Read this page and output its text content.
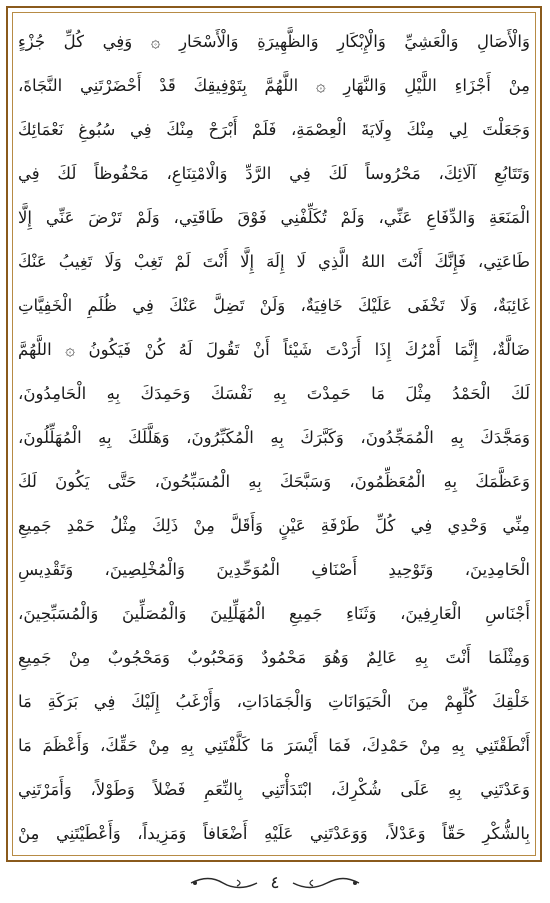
وَالْأَصَالِ وَالْعَشِيِّ وَالْإِبْكَارِ وَالظَّهِيرَةِ وَالْأَسْحَارِ ۞ وَفِي كُلِّ جُزْءٍ
مِنْ أَجْزَاءِ اللَّيْلِ وَالنَّهَارِ ۞ اللَّهُمَّ بِتَوْفِيقِكَ قَدْ أَحْضَرْتَنِي النَّجَاةَ،
وَجَعَلْتَ لِي مِنْكَ وِلَايَةَ الْعِصْمَةِ، فَلَمْ أَبْرَحْ مِنْكَ فِي سُبُوغِ نَعْمَائِكَ
وَتَتَابُعِ آلَائِكَ، مَحْرُوساً لَكَ فِي الرَّدِّ وَالْامْتِنَاعِ، مَحْفُوظاً لَكَ فِي
الْمَنَعَةِ وَالدِّفَاعِ عَنِّي، وَلَمْ تُكَلِّفْنِي فَوْقَ طَاقَتِي، وَلَمْ تَرْضَ عَنِّي إِلَّا
طَاعَتِي، فَإِنَّكَ أَنْتَ اللهُ الَّذِي لَا إِلَهَ إِلَّا أَنْتَ لَمْ تَغِبْ وَلَا تَغِيبُ عَنْكَ
غَائِبَةٌ، وَلَا تَخْفَى عَلَيْكَ خَافِيَةٌ، وَلَنْ تَضِلَّ عَنْكَ فِي ظُلَمِ الْخَفِيَّاتِ
ضَالَّةٌ، إِنَّمَا أَمْرُكَ إِذَا أَرَدْتَ شَيْئاً أَنْ تَقُولَ لَهُ كُنْ فَيَكُونُ ۞ اللَّهُمَّ
لَكَ الْحَمْدُ مِثْلَ مَا حَمِدْتَ بِهِ نَفْسَكَ وَحَمِدَكَ بِهِ الْحَامِدُونَ،
وَمَجَّدَكَ بِهِ الْمُمَجِّدُونَ، وَكَبَّرَكَ بِهِ الْمُكَبِّرُونَ، وَهَلَّلَكَ بِهِ الْمُهَلِّلُونَ،
وَعَظَّمَكَ بِهِ الْمُعَظِّمُونَ، وَسَبَّحَكَ بِهِ الْمُسَبِّحُونَ، حَتَّى يَكُونَ لَكَ
مِنِّي وَحْدِي فِي كُلِّ طَرْفَةِ عَيْنٍ وَأَقَلَّ مِنْ ذَلِكَ مِثْلُ حَمْدِ جَمِيعِ
الْحَامِدِينَ، وَتَوْحِيدِ أَصْنَافِ الْمُوَحِّدِينَ وَالْمُخْلِصِينَ، وَتَقْدِيسِ
أَجْنَاسِ الْعَارِفِينَ، وَثَنَاءِ جَمِيعِ الْمُهَلِّلِينَ وَالْمُصَلِّينَ وَالْمُسَبِّحِينَ،
وَمِثْلَمَا أَنْتَ بِهِ عَالِمٌ وَهُوَ مَحْمُودٌ وَمَحْبُوبٌ وَمَحْجُوبٌ مِنْ جَمِيعِ
خَلْقِكَ كُلِّهِمْ مِنَ الْحَيَوَانَاتِ وَالْجَمَادَاتِ، وَأَرْغَبُ إِلَيْكَ فِي بَرَكَةِ مَا
أَنْطَقْتَنِي بِهِ مِنْ حَمْدِكَ، فَمَا أَيْسَرَ مَا كَلَّفْتَنِي بِهِ مِنْ حَقِّكَ، وَأَعْظَمَ مَا
وَعَدْتَنِي بِهِ عَلَى شُكْرِكَ، ابْتَدَأْتَنِي بِالنِّعَمِ فَضْلاً وَطَوْلاً، وَأَمَرْتَنِي
بِالشُّكْرِ حَقّاً وَعَدْلاً، وَوَعَدْتَنِي عَلَيْهِ أَضْعَافاً وَمَزِيداً، وَأَعْطَيْتَنِي مِنْ
٤
